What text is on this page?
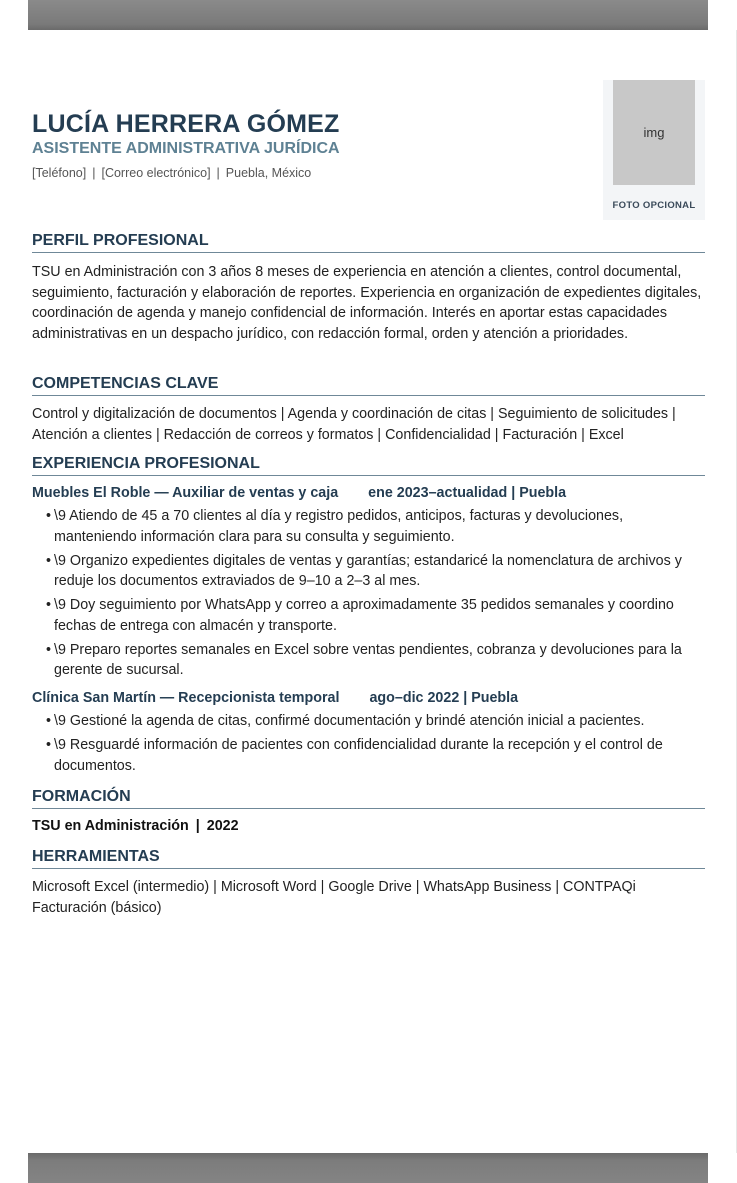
LUCÍA HERRERA GÓMEZ
ASISTENTE ADMINISTRATIVA JURÍDICA
[Teléfono] | [Correo electrónico] | Puebla, México
img
FOTO OPCIONAL
PERFIL PROFESIONAL

TSU en Administración con 3 años 8 meses de experiencia en atención a clientes, control documental, seguimiento, facturación y elaboración de reportes. Experiencia en organización de expedientes digitales, coordinación de agenda y manejo confidencial de información. Interés en aportar estas capacidades administrativas en un despacho jurídico, con redacción formal, orden y atención a prioridades.

COMPETENCIAS CLAVE

Control y digitalización de documentos | Agenda y coordinación de citas | Seguimiento de solicitudes | Atención a clientes | Redacción de correos y formatos | Confidencialidad | Facturación | Excel

EXPERIENCIA PROFESIONAL
Muebles El Roble — Auxiliar de ventas y caja ene 2023–actualidad | Puebla
• \9 Atiendo de 45 a 70 clientes al día y registro pedidos, anticipos, facturas y devoluciones, manteniendo información clara para su consulta y seguimiento.
• \9 Organizo expedientes digitales de ventas y garantías; estandaricé la nomenclatura de archivos y reduje los documentos extraviados de 9–10 a 2–3 al mes.
• \9 Doy seguimiento por WhatsApp y correo a aproximadamente 35 pedidos semanales y coordino fechas de entrega con almacén y transporte.
• \9 Preparo reportes semanales en Excel sobre ventas pendientes, cobranza y devoluciones para la gerente de sucursal.
Clínica San Martín — Recepcionista temporal ago–dic 2022 | Puebla
• \9 Gestioné la agenda de citas, confirmé documentación y brindé atención inicial a pacientes.
• \9 Resguardé información de pacientes con confidencialidad durante la recepción y el control de documentos.
FORMACIÓN
TSU en Administración | 2022
HERRAMIENTAS

Microsoft Excel (intermedio) | Microsoft Word | Google Drive | WhatsApp Business | CONTPAQi Facturación (básico)
